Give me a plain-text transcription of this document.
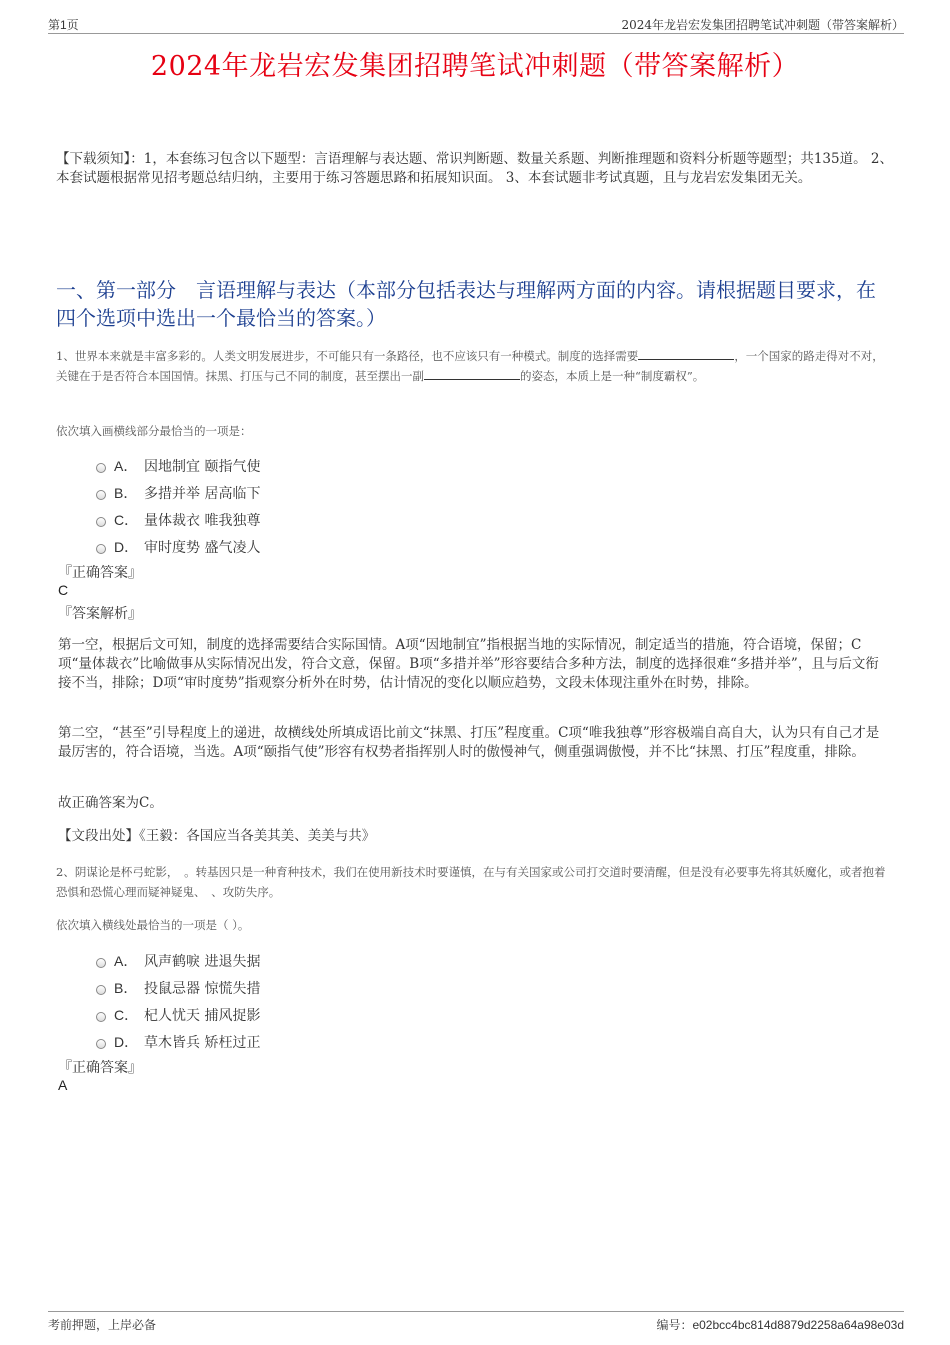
第1页	2024年龙岩宏发集团招聘笔试冲刺题（带答案解析）
2024年龙岩宏发集团招聘笔试冲刺题（带答案解析）
【下载须知】：1，本套练习包含以下题型：言语理解与表达题、常识判断题、数量关系题、判断推理题和资料分析题等题型；共135道。 2、本套试题根据常见招考题总结归纳，主要用于练习答题思路和拓展知识面。 3、本套试题非考试真题，且与龙岩宏发集团无关。
一、第一部分　言语理解与表达（本部分包括表达与理解两方面的内容。请根据题目要求，在四个选项中选出一个最恰当的答案。）
1、世界本来就是丰富多彩的。人类文明发展进步，不可能只有一条路径，也不应该只有一种模式。制度的选择需要	，一个国家的路走得对不对，关键在于是否符合本国国情。抹黑、打压与己不同的制度，甚至摆出一副	的姿态，本质上是一种“制度霸权”。
依次填入画横线部分最恰当的一项是：
A． 因地制宜 颐指气使
B． 多措并举 居高临下
C． 量体裁衣 唯我独尊
D． 审时度势 盛气凌人
『正确答案』
C
『答案解析』
第一空，根据后文可知，制度的选择需要结合实际国情。A项“因地制宜”指根据当地的实际情况，制定适当的措施，符合语境，保留；C项“量体裁衣”比喻做事从实际情况出发，符合文意，保留。B项“多措并举”形容要结合多种方法，制度的选择很难“多措并举”，且与后文衔接不当，排除；D项“审时度势”指观察分析外在时势，估计情况的变化以顺应趋势，文段未体现注重外在时势，排除。
第二空，“甚至”引导程度上的递进，故横线处所填成语比前文“抹黑、打压”程度重。C项“唯我独尊”形容极端自高自大，认为只有自己才是最厉害的，符合语境，当选。A项“颐指气使”形容有权势者指挥别人时的傲慢神气，侧重强调傲慢，并不比“抹黑、打压”程度重，排除。
故正确答案为C。
【文段出处】《王毅：各国应当各美其美、美美与共》
2、阴谋论是杯弓蛇影，　。转基因只是一种育种技术，我们在使用新技术时要谨慎，在与有关国家或公司打交道时要清醒，但是没有必要事先将其妖魔化，或者抱着恐惧和恐慌心理而疑神疑鬼、　、攻防失序。
依次填入横线处最恰当的一项是（ ）。
A． 风声鹤唳 进退失据
B． 投鼠忌器 惊慌失措
C． 杞人忧天 捕风捉影
D． 草木皆兵 矫枉过正
『正确答案』
A
考前押题，上岸必备	编号：e02bcc4bc814d8879d2258a64a98e03d
